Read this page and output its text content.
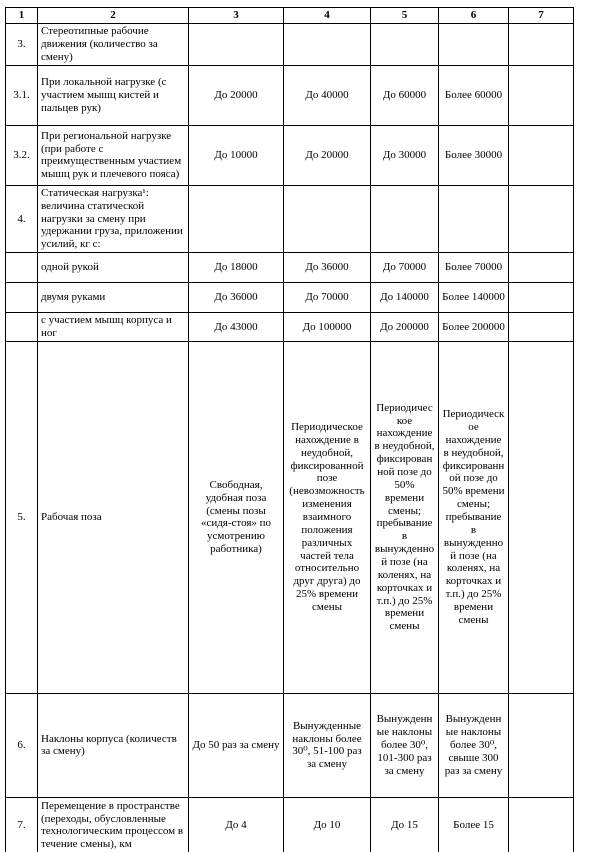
1	2	3	4	5	6	7
3.	Стереотипные рабочие движения (количество за смену)					
3.1.	При локальной нагрузке (с участием мышц кистей и пальцев рук)	До 20000	До 40000	До 60000	Более 60000	
3.2.	При региональной нагрузке (при работе с преимущественным участием мышц рук и плечевого пояса)	До 10000	До 20000	До 30000	Более 30000	
4.	Статическая нагрузка¹: величина статической нагрузки за смену при удержании груза, приложении усилий, кг с:					
	одной рукой	До 18000	До 36000	До 70000	Более 70000	
	двумя руками	До 36000	До 70000	До 140000	Более 140000	
	с участием мышц корпуса и ног	До 43000	До 100000	До 200000	Более 200000	
5.	Рабочая поза	Свободная, удобная поза (смены позы «сидя-стоя» по усмотрению работника)	Периодическое нахождение в неудобной, фиксированной позе (невозможность изменения взаимного положения различных частей тела относительно друг друга) до 25% времени смены	Периодическое нахождение в неудобной, фиксированной позе до 50% времени смены; пребывание в вынужденной позе (на коленях, на корточках и т.п.) до 25% времени смены	Периодическое нахождение в неудобной, фиксированной позе до 50% времени смены; пребывание в вынужденной позе (на коленях, на корточках и т.п.) до 25% времени смены	
6.	Наклоны корпуса (количеств за смену)	До 50 раз за смену	Вынужденные наклоны более 30⁰, 51-100 раз за смену	Вынужденные наклоны более 30⁰, 101-300 раз за смену	Вынужденные наклоны более 30⁰, свыше 300 раз за смену	
7.	Перемещение в пространстве (переходы, обусловленные технологическим процессом в течение смены), км	До 4	До 10	До 15	Более 15	
